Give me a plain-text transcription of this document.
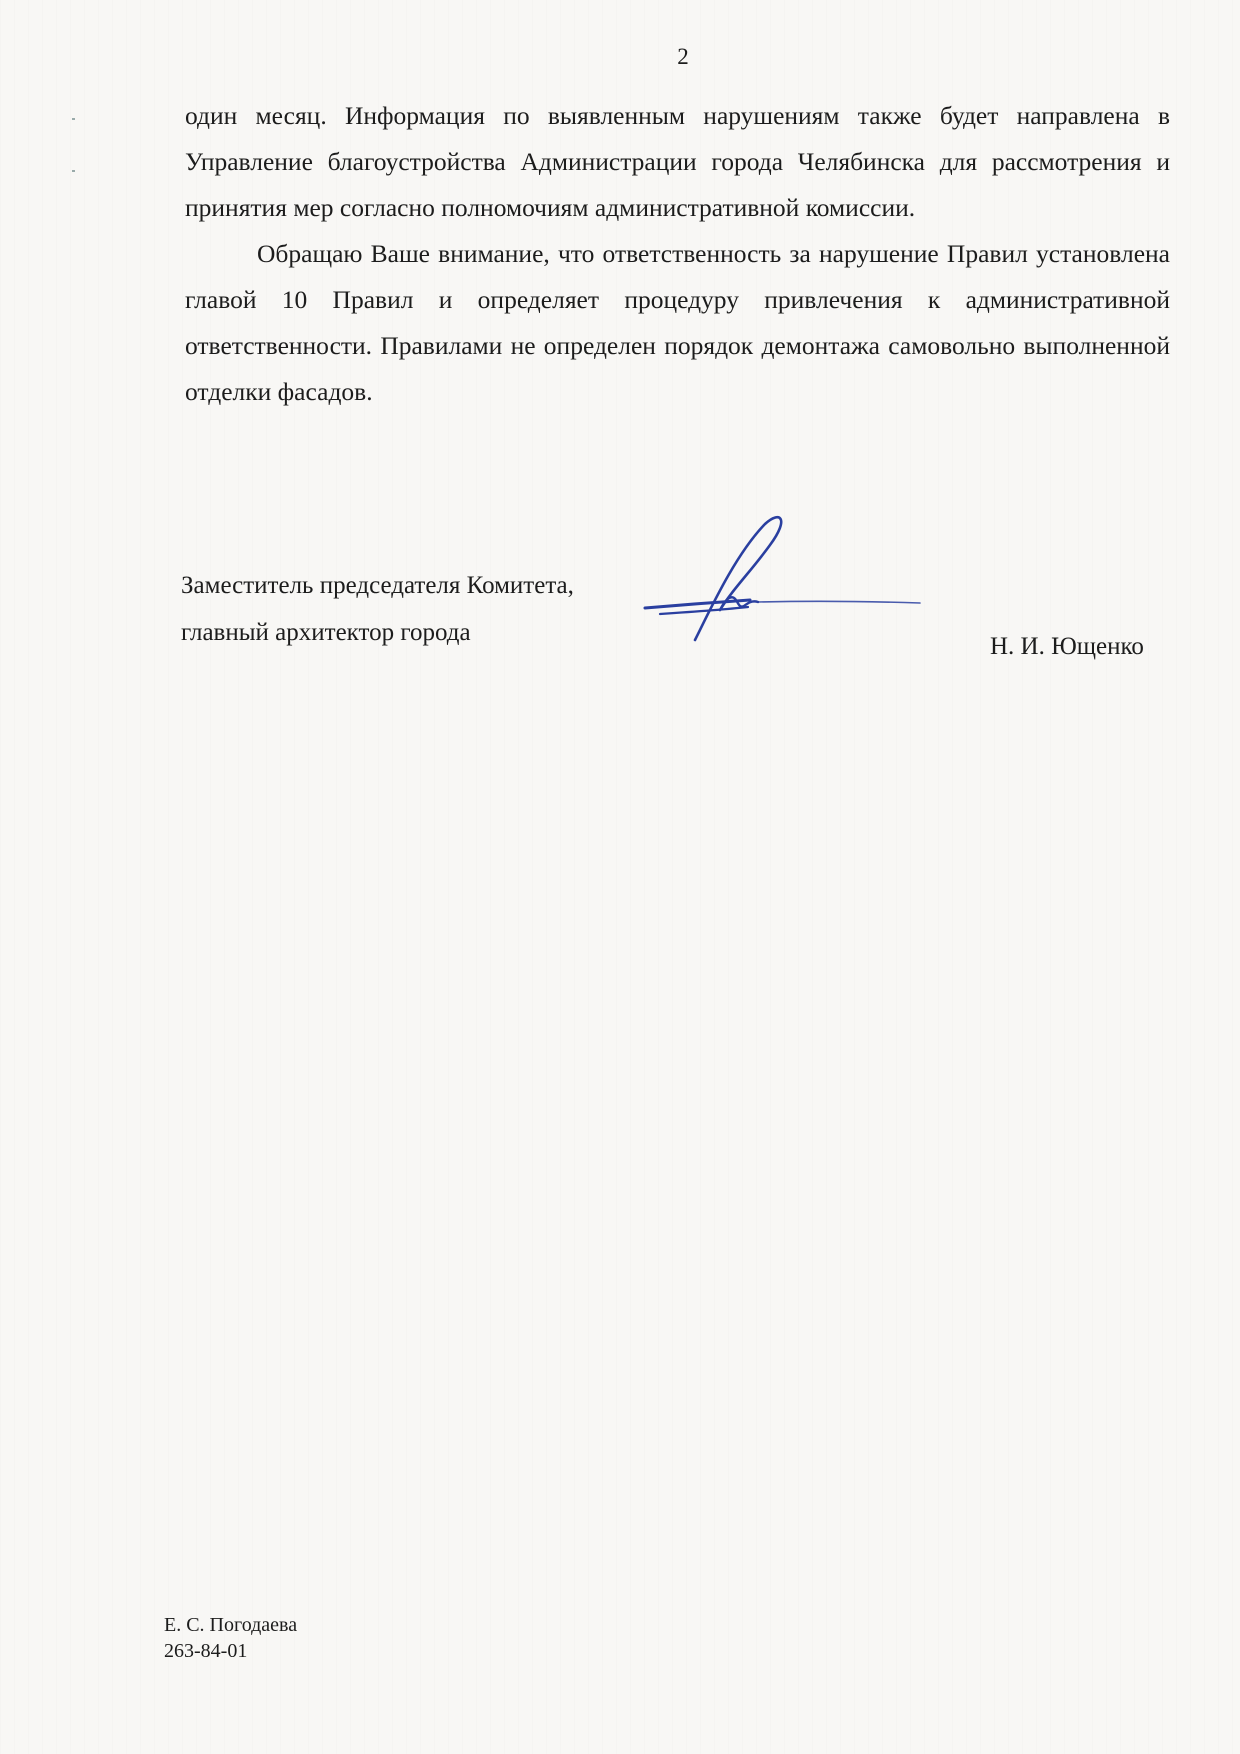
2

один месяц. Информация по выявленным нарушениям также будет направлена в Управление благоустройства Администрации города Челябинска для рассмотрения и принятия мер согласно полномочиям административной комиссии.

Обращаю Ваше внимание, что ответственность за нарушение Правил установлена главой 10 Правил и определяет процедуру привлечения к административной ответственности. Правилами не определен порядок демонтажа самовольно выполненной отделки фасадов.

Заместитель председателя Комитета,
главный архитектор города
Н. И. Ющенко
Е. С. Погодаева
263-84-01
